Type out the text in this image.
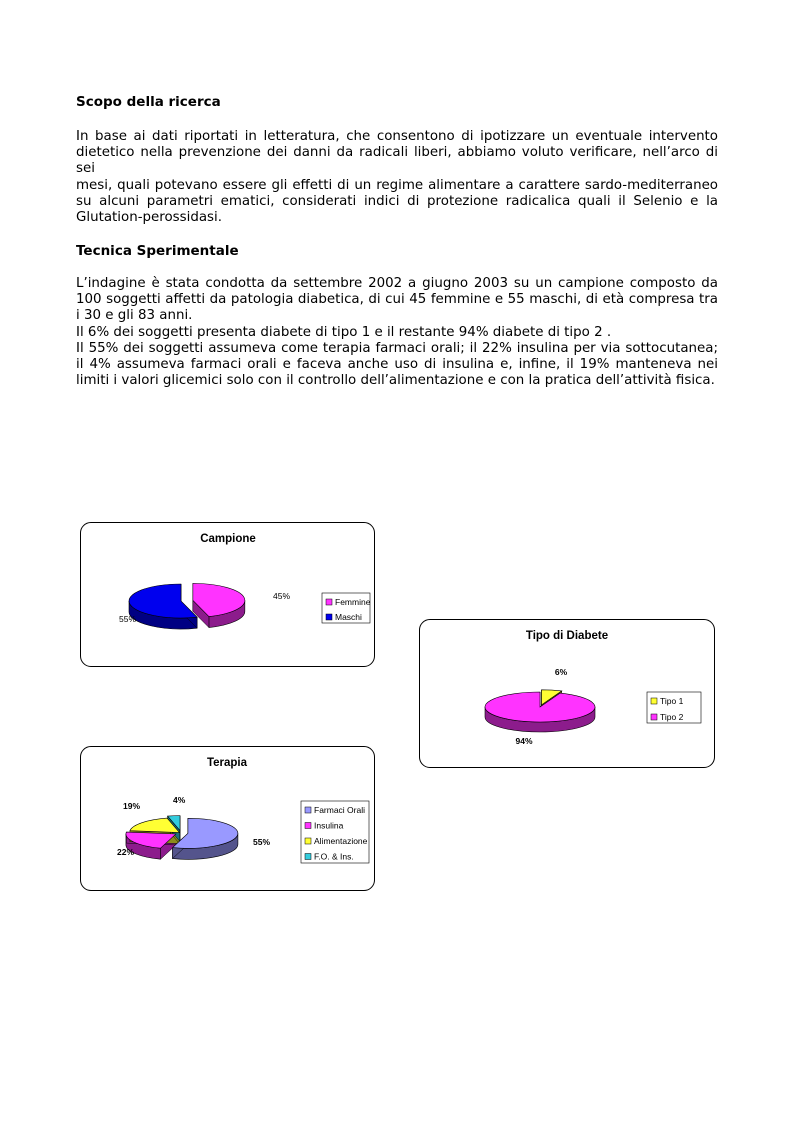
Scopo della ricerca

In base ai dati riportati in letteratura, che consentono di ipotizzare un eventuale intervento
dietetico nella prevenzione dei danni da radicali liberi, abbiamo voluto verificare, nell’arco di sei
mesi, quali potevano essere gli effetti di un regime alimentare a carattere sardo-mediterraneo
su alcuni parametri ematici, considerati indici di protezione radicalica quali il Selenio e la
Glutation-perossidasi.

Tecnica Sperimentale

L’indagine è stata condotta da settembre 2002 a giugno 2003 su un campione composto da
100 soggetti affetti da patologia diabetica, di cui 45 femmine e 55 maschi, di età compresa tra
i 30 e gli 83 anni.
Il 6% dei soggetti presenta diabete di tipo 1 e il restante 94% diabete di tipo 2 .
Il 55% dei soggetti assumeva come terapia farmaci orali; il 22% insulina per via sottocutanea;
il 4% assumeva farmaci orali e faceva anche uso di insulina e, infine, il 19% manteneva nei
limiti i valori glicemici solo con il controllo dell’alimentazione e con la pratica dell’attività fisica.

Campione
45%
55%
Femmine
Maschi
Tipo di Diabete
6%
94%
Tipo 1
Tipo 2
Terapia
55%
22%
19%
4%
Farmaci Orali
Insulina
Alimentazione
F.O. & Ins.
